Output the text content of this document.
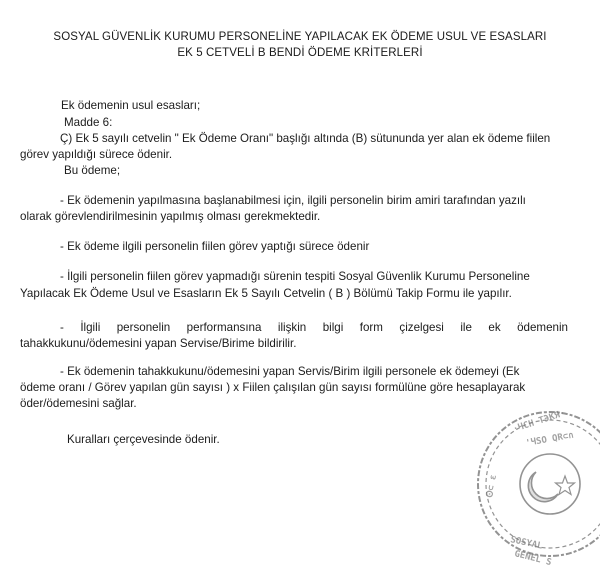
SOSYAL GÜVENLİK KURUMU PERSONELİNE YAPILACAK EK ÖDEME USUL VE ESASLARI
EK 5 CETVELİ B BENDİ ÖDEME KRİTERLERİ
Ek ödemenin usul esasları;
Madde 6:
Ç) Ek 5 sayılı cetvelin " Ek Ödeme Oranı" başlığı altında (B) sütununda yer alan ek ödeme fiilen
görev yapıldığı sürece ödenir.
Bu ödeme;
- Ek ödemenin yapılmasına başlanabilmesi için, ilgili personelin birim amiri tarafından yazılı
olarak görevlendirilmesinin yapılmış olması gerekmektedir.
- Ek ödeme ilgili personelin fiilen görev yaptığı sürece ödenir
- İlgili personelin fiilen görev yapmadığı sürenin tespiti Sosyal Güvenlik Kurumu Personeline
Yapılacak Ek Ödeme Usul ve Esasların Ek 5 Sayılı Cetvelin ( B ) Bölümü Takip Formu ile yapılır.
- İlgili personelin performansına ilişkin bilgi form çizelgesi ile ek ödemenin
tahakkukunu/ödemesini yapan Servise/Birime bildirilir.
- Ek ödemenin tahakkukunu/ödemesini yapan Servis/Birim ilgili personele ek ödemeyi (Ek
ödeme oranı / Görev yapılan gün sayısı ) x Fiilen çalışılan gün sayısı formülüne göre hesaplayarak
öder/ödemesini sağlar.
Kuralları çerçevesinde ödenir.
·ЧCH ТЭКЯ·
'ЧSO QR⊂∩
Ꙩ⊂ ɛ
SOSYAL
GENEL S
